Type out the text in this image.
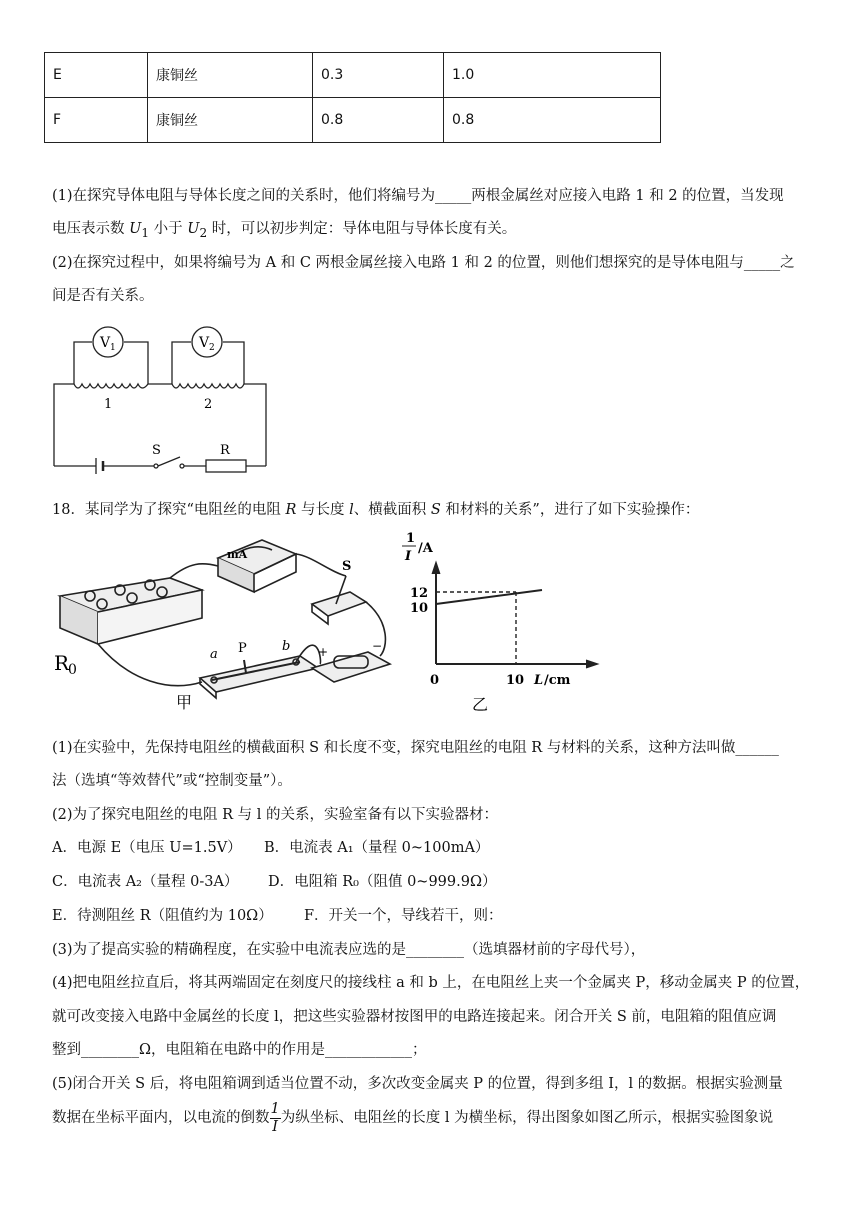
E	康铜丝	0.3	1.0
F	康铜丝	0.8	0.8
(1)在探究导体电阻与导体长度之间的关系时，他们将编号为_____两根金属丝对应接入电路 1 和 2 的位置，当发现
电压表示数 $U_1$ 小于 $U_2$ 时，可以初步判定：导体电阻与导体长度有关。
(2)在探究过程中，如果将编号为 A 和 C 两根金属丝接入电路 1 和 2 的位置，则他们想探究的是导体电阻与_____之
间是否有关系。
V 1	V 2
1	2
S	R
18．某同学为了探究“电阻丝的电阻 R 与长度 l、横截面积 S 和材料的关系”，进行了如下实验操作：
mA
S
R
0
a P	b +	−
甲
1
I
/A
12
10
0	10 L /cm
乙
(1)在实验中，先保持电阻丝的横截面积 S 和长度不变，探究电阻丝的电阻 R 与材料的关系，这种方法叫做______
法（选填“等效替代”或“控制变量”）。
(2)为了探究电阻丝的电阻 R 与 l 的关系，实验室备有以下实验器材：
A．电源 E（电压 U=1.5V） B．电流表 A₁（量程 0~100mA）
C．电流表 A₂（量程 0-3A） D．电阻箱 R₀（阻值 0~999.9Ω）
E．待测阻丝 R（阻值约为 10Ω） F．开关一个，导线若干，则：
(3)为了提高实验的精确程度，在实验中电流表应选的是________（选填器材前的字母代号），
(4)把电阻丝拉直后，将其两端固定在刻度尺的接线柱 a 和 b 上，在电阻丝上夹一个金属夹 P，移动金属夹 P 的位置，
就可改变接入电路中金属丝的长度 l，把这些实验器材按图甲的电路连接起来。闭合开关 S 前，电阻箱的阻值应调
整到________Ω，电阻箱在电路中的作用是____________；
(5)闭合开关 S 后，将电阻箱调到适当位置不动，多次改变金属夹 P 的位置，得到多组 I，l 的数据。根据实验测量
数据在坐标平面内，以电流的倒数 $\frac{1}{I}$ 为纵坐标、电阻丝的长度 l 为横坐标，得出图象如图乙所示，根据实验图象说
